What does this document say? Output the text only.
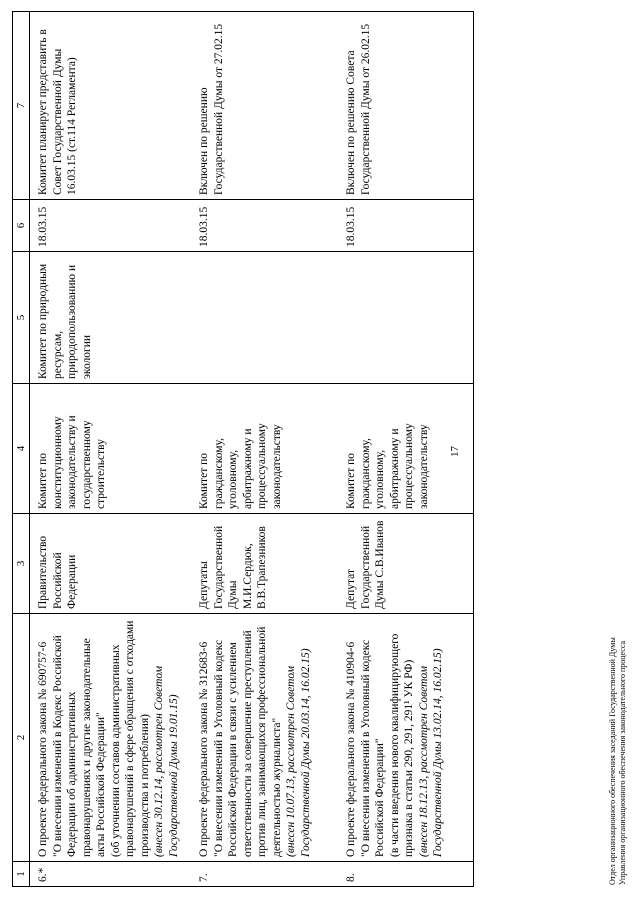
17
1	2	3	4	5	6	7
6.*	О проекте федерального закона № 690757-6 "О внесении изменений в Кодекс Российской Федерации об административных правонарушениях и другие законодательные акты Российской Федерации" (об уточнении составов административных правонарушений в сфере обращения с отходами производства и потребления) (внесен 30.12.14, рассмотрен Советом Государственной Думы 19.01.15)	Правительство Российской Федерации	Комитет по конституционному законодательству и государственному строительству	Комитет по природным ресурсам, природопользованию и экологии	18.03.15	Комитет планирует представить в Совет Государственной Думы 16.03.15 (ст.114 Регламента)
7.	О проекте федерального закона № 312683-6 "О внесении изменений в Уголовный кодекс Российской Федерации в связи с усилением ответственности за совершение преступлений против лиц, занимающихся профессиональной деятельностью журналиста" (внесен 10.07.13, рассмотрен Советом Государственной Думы 20.03.14, 16.02.15)	Депутаты Государственной Думы М.И.Сердюк, В.В.Трапезников	Комитет по гражданскому, уголовному, арбитражному и процессуальному законодательству		18.03.15	Включен по решению Государственной Думы от 27.02.15
8.	О проекте федерального закона № 410904-6 "О внесении изменений в Уголовный кодекс Российской Федерации" (в части введения нового квалифицирующего признака в статьи 290, 291, 291¹ УК РФ) (внесен 18.12.13, рассмотрен Советом Государственной Думы 13.02.14, 16.02.15)	Депутат Государственной Думы С.В.Иванов	Комитет по гражданскому, уголовному, арбитражному и процессуальному законодательству		18.03.15	Включен по решению Совета Государственной Думы от 26.02.15
Отдел организационного обеспечения заседаний Государственной Думы Управления организационного обеспечения законодательного процесса
